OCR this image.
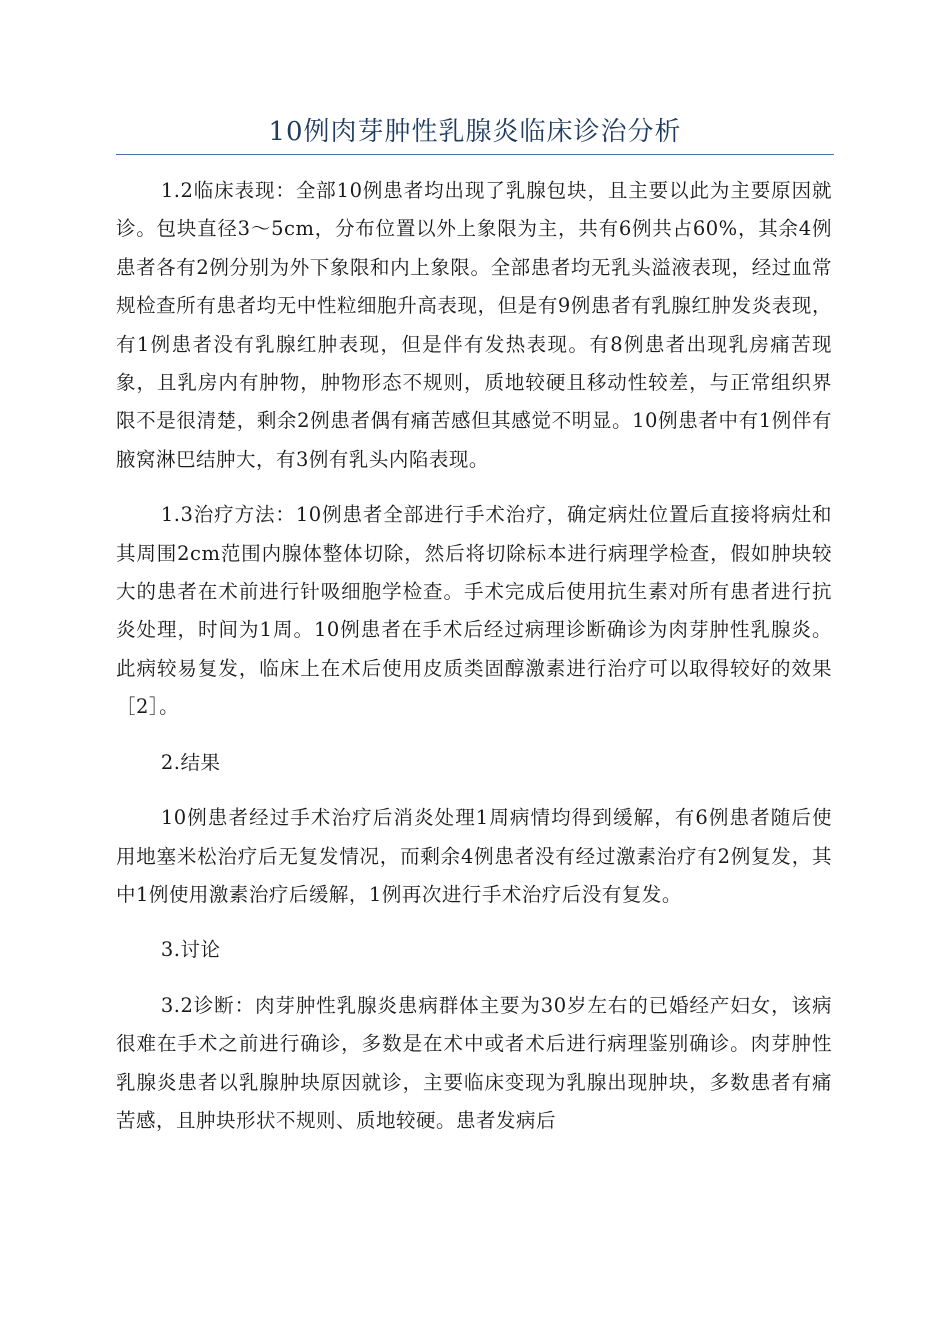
10例肉芽肿性乳腺炎临床诊治分析

1.2临床表现：全部10例患者均出现了乳腺包块，且主要以此为主要原因就诊。包块直径3～5cm，分布位置以外上象限为主，共有6例共占60%，其余4例患者各有2例分别为外下象限和内上象限。全部患者均无乳头溢液表现，经过血常规检查所有患者均无中性粒细胞升高表现，但是有9例患者有乳腺红肿发炎表现，有1例患者没有乳腺红肿表现，但是伴有发热表现。有8例患者出现乳房痛苦现象，且乳房内有肿物，肿物形态不规则，质地较硬且移动性较差，与正常组织界限不是很清楚，剩余2例患者偶有痛苦感但其感觉不明显。10例患者中有1例伴有腋窝淋巴结肿大，有3例有乳头内陷表现。

1.3治疗方法：10例患者全部进行手术治疗，确定病灶位置后直接将病灶和其周围2cm范围内腺体整体切除，然后将切除标本进行病理学检查，假如肿块较大的患者在术前进行针吸细胞学检查。手术完成后使用抗生素对所有患者进行抗炎处理，时间为1周。10例患者在手术后经过病理诊断确诊为肉芽肿性乳腺炎。此病较易复发，临床上在术后使用皮质类固醇激素进行治疗可以取得较好的效果［2］。

2.结果

10例患者经过手术治疗后消炎处理1周病情均得到缓解，有6例患者随后使用地塞米松治疗后无复发情况，而剩余4例患者没有经过激素治疗有2例复发，其中1例使用激素治疗后缓解，1例再次进行手术治疗后没有复发。

3.讨论

3.2诊断：肉芽肿性乳腺炎患病群体主要为30岁左右的已婚经产妇女，该病很难在手术之前进行确诊，多数是在术中或者术后进行病理鉴别确诊。肉芽肿性乳腺炎患者以乳腺肿块原因就诊，主要临床变现为乳腺出现肿块，多数患者有痛苦感，且肿块形状不规则、质地较硬。患者发病后
